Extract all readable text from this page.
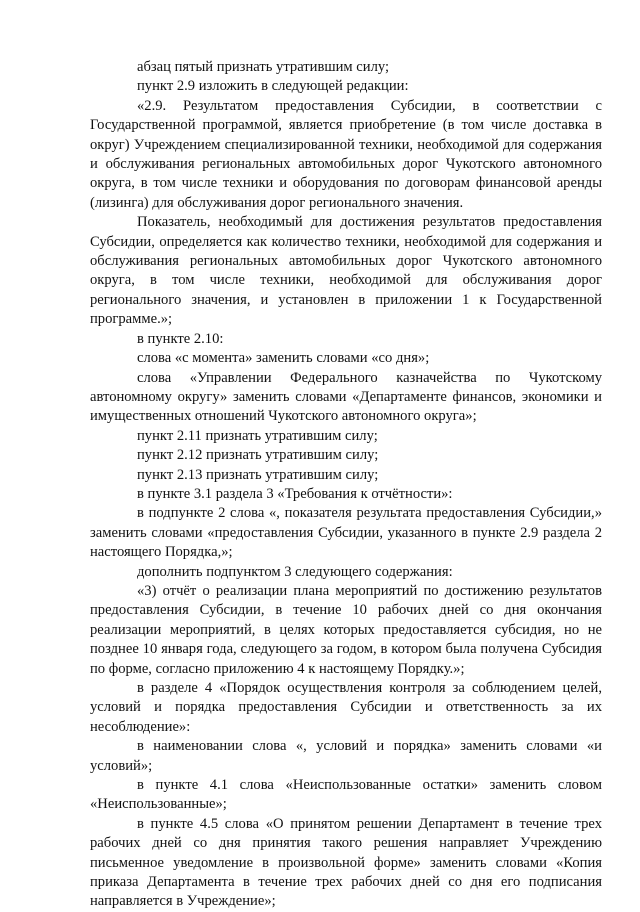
абзац пятый признать утратившим силу;

пункт 2.9 изложить в следующей редакции:

«2.9. Результатом предоставления Субсидии, в соответствии с Государственной программой, является приобретение (в том числе доставка в округ) Учреждением специализированной техники, необходимой для содержания и обслуживания региональных автомобильных дорог Чукотского автономного округа, в том числе техники и оборудования по договорам финансовой аренды (лизинга) для обслуживания дорог регионального значения.

Показатель, необходимый для достижения результатов предоставления Субсидии, определяется как количество техники, необходимой для содержания и обслуживания региональных автомобильных дорог Чукотского автономного округа, в том числе техники, необходимой для обслуживания дорог регионального значения, и установлен в приложении 1 к Государственной программе.»;

в пункте 2.10:

слова «с момента» заменить словами «со дня»;

слова «Управлении Федерального казначейства по Чукотскому автономному округу» заменить словами «Департаменте финансов, экономики и имущественных отношений Чукотского автономного округа»;

пункт 2.11 признать утратившим силу;

пункт 2.12 признать утратившим силу;

пункт 2.13 признать утратившим силу;

в пункте 3.1 раздела 3 «Требования к отчётности»:

в подпункте 2 слова «, показателя результата предоставления Субсидии,» заменить словами «предоставления Субсидии, указанного в пункте 2.9 раздела 2 настоящего Порядка,»;

дополнить подпунктом 3 следующего содержания:

«3) отчёт о реализации плана мероприятий по достижению результатов предоставления Субсидии, в течение 10 рабочих дней со дня окончания реализации мероприятий, в целях которых предоставляется субсидия, но не позднее 10 января года, следующего за годом, в котором была получена Субсидия по форме, согласно приложению 4 к настоящему Порядку.»;

в разделе 4 «Порядок осуществления контроля за соблюдением целей, условий и порядка предоставления Субсидии и ответственность за их несоблюдение»:

в наименовании слова «, условий и порядка» заменить словами «и условий»;

в пункте 4.1 слова «Неиспользованные остатки» заменить словом «Неиспользованные»;

в пункте 4.5 слова «О принятом решении Департамент в течение трех рабочих дней со дня принятия такого решения направляет Учреждению письменное уведомление в произвольной форме» заменить словами «Копия приказа Департамента в течение трех рабочих дней со дня его подписания направляется в Учреждение»;
